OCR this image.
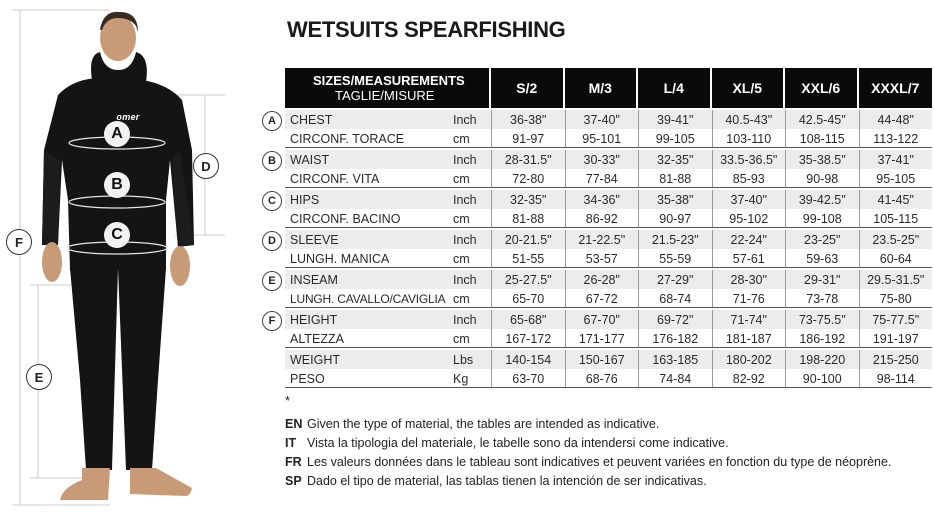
omer
A
B
C
D
F
E
WETSUITS SPEARFISHING
SIZES/MEASUREMENTS
TAGLIE/MISURE	S/2	M/3	L/4	XL/5	XXL/6	XXXL/7
A	CHEST	Inch	36-38"	37-40"	39-41"	40.5-43"	42.5-45"	44-48"
CIRCONF. TORACE	cm	91-97	95-101	99-105	103-110	108-115	113-122
B	WAIST	Inch	28-31.5"	30-33"	32-35"	33.5-36.5"	35-38.5"	37-41"
CIRCONF. VITA	cm	72-80	77-84	81-88	85-93	90-98	95-105
C	HIPS	Inch	32-35"	34-36"	35-38"	37-40"	39-42.5"	41-45"
CIRCONF. BACINO	cm	81-88	86-92	90-97	95-102	99-108	105-115
D	SLEEVE	Inch	20-21.5"	21-22.5"	21.5-23"	22-24"	23-25"	23.5-25"
LUNGH. MANICA	cm	51-55	53-57	55-59	57-61	59-63	60-64
E	INSEAM	Inch	25-27.5"	26-28"	27-29"	28-30"	29-31"	29.5-31.5"
LUNGH. CAVALLO/CAVIGLIA cm	65-70	67-72	68-74	71-76	73-78	75-80
F	HEIGHT	Inch	65-68"	67-70"	69-72"	71-74"	73-75.5"	75-77.5"
ALTEZZA	cm	167-172	171-177	176-182	181-187	186-192	191-197
WEIGHT	Lbs	140-154	150-167	163-185	180-202	198-220	215-250
PESO	Kg	63-70	68-76	74-84	82-92	90-100	98-114
*
EN Given the type of material, the tables are intended as indicative.
IT Vista la tipologia del materiale, le tabelle sono da intendersi come indicative.
FR Les valeurs données dans le tableau sont indicatives et peuvent variées en fonction du type de néoprène.
SP Dado el tipo de material, las tablas tienen la intención de ser indicativas.
